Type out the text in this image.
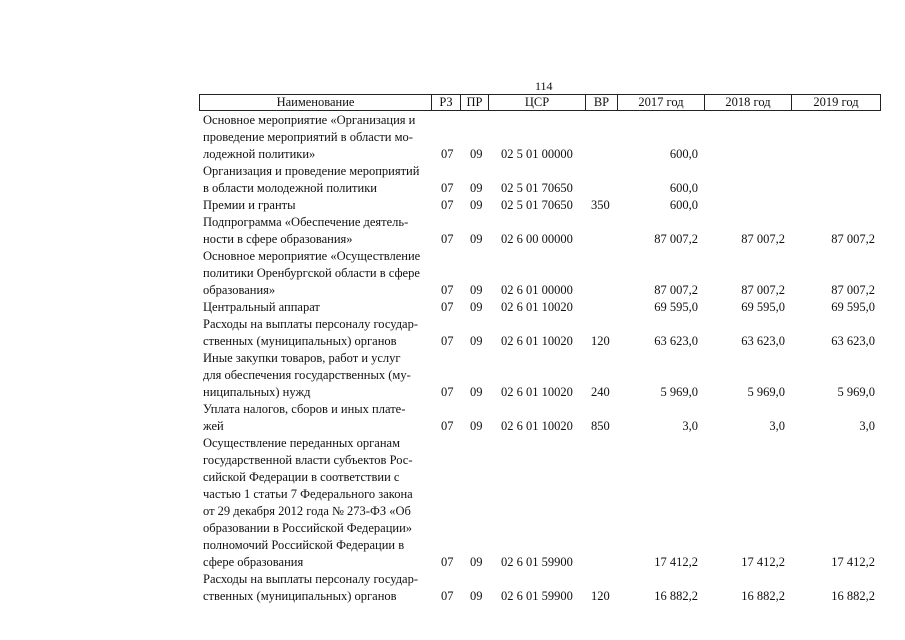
114
Наименование	РЗ	ПР	ЦСР	ВР	2017 год	2018 год	2019 год
Основное мероприятие «Организация и
проведение мероприятий в области мо-
лодежной политики»	07 09 02 5 01 00000	600,0
Организация и проведение мероприятий
в области молодежной политики	07 09 02 5 01 70650	600,0
Премии и гранты	07 09 02 5 01 70650 350	600,0
Подпрограмма «Обеспечение деятель-
ности в сфере образования»	07 09 02 6 00 00000	87 007,2	87 007,2	87 007,2
Основное мероприятие «Осуществление
политики Оренбургской области в сфере
образования»	07 09 02 6 01 00000	87 007,2	87 007,2	87 007,2
Центральный аппарат	07 09 02 6 01 10020	69 595,0	69 595,0	69 595,0
Расходы на выплаты персоналу государ-
ственных (муниципальных) органов	07 09 02 6 01 10020 120	63 623,0	63 623,0	63 623,0
Иные закупки товаров, работ и услуг
для обеспечения государственных (му-
ниципальных) нужд	07 09 02 6 01 10020 240	5 969,0	5 969,0	5 969,0
Уплата налогов, сборов и иных плате-
жей	07 09 02 6 01 10020 850	3,0	3,0	3,0
Осуществление переданных органам
государственной власти субъектов Рос-
сийской Федерации в соответствии с
частью 1 статьи 7 Федерального закона
от 29 декабря 2012 года № 273-ФЗ «Об
образовании в Российской Федерации»
полномочий Российской Федерации в
сфере образования	07 09 02 6 01 59900	17 412,2	17 412,2	17 412,2
Расходы на выплаты персоналу государ-
ственных (муниципальных) органов	07 09 02 6 01 59900 120	16 882,2	16 882,2	16 882,2
